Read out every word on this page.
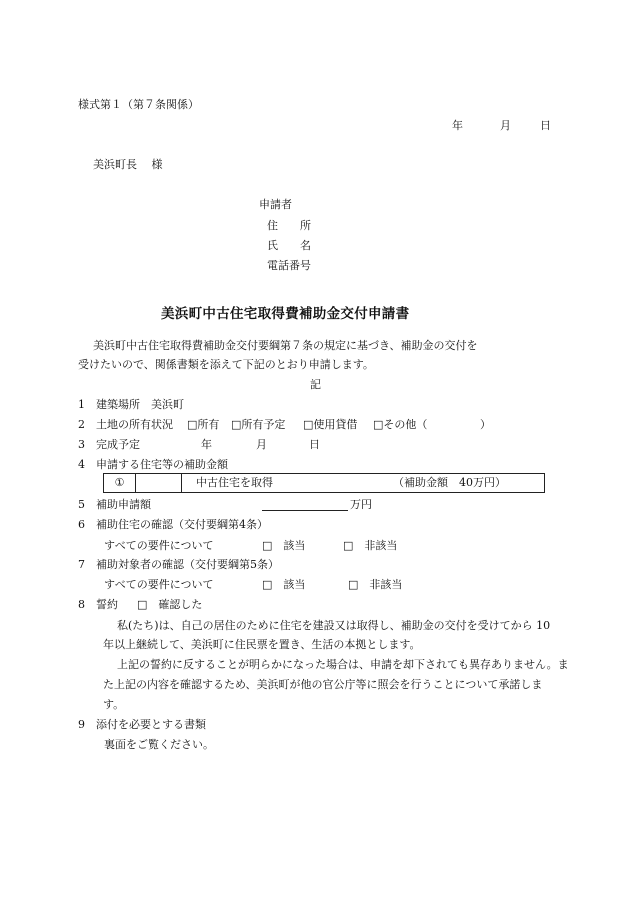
様式第１（第７条関係）
年	月	日
美浜町長　 様
申請者
住　　所
氏　　名
電話番号
美浜町中古住宅取得費補助金交付申請書
美浜町中古住宅取得費補助金交付要綱第７条の規定に基づき、補助金の交付を
受けたいので、関係書類を添えて下記のとおり申請します。
記
1 建築場所　美浜町
2 土地の所有状況 □所有 □所有予定 □使用貸借 □その他（	）
3 完成予定	年	月	日
4 申請する住宅等の補助金額
①	中古住宅を取得	（補助金額　40万円）
5 補助申請額	万円
6 補助住宅の確認（交付要綱第4条）
すべての要件について	□　該当	□　非該当
7 補助対象者の確認（交付要綱第5条）
すべての要件について	□　該当	□　非該当
8 誓約 □　確認した
私(たち)は、自己の居住のために住宅を建設又は取得し、補助金の交付を受けてから 10
年以上継続して、美浜町に住民票を置き、生活の本拠とします。
上記の誓約に反することが明らかになった場合は、申請を却下されても異存ありません。ま
た上記の内容を確認するため、美浜町が他の官公庁等に照会を行うことについて承諾しま
す。
9 添付を必要とする書類
裏面をご覧ください。
